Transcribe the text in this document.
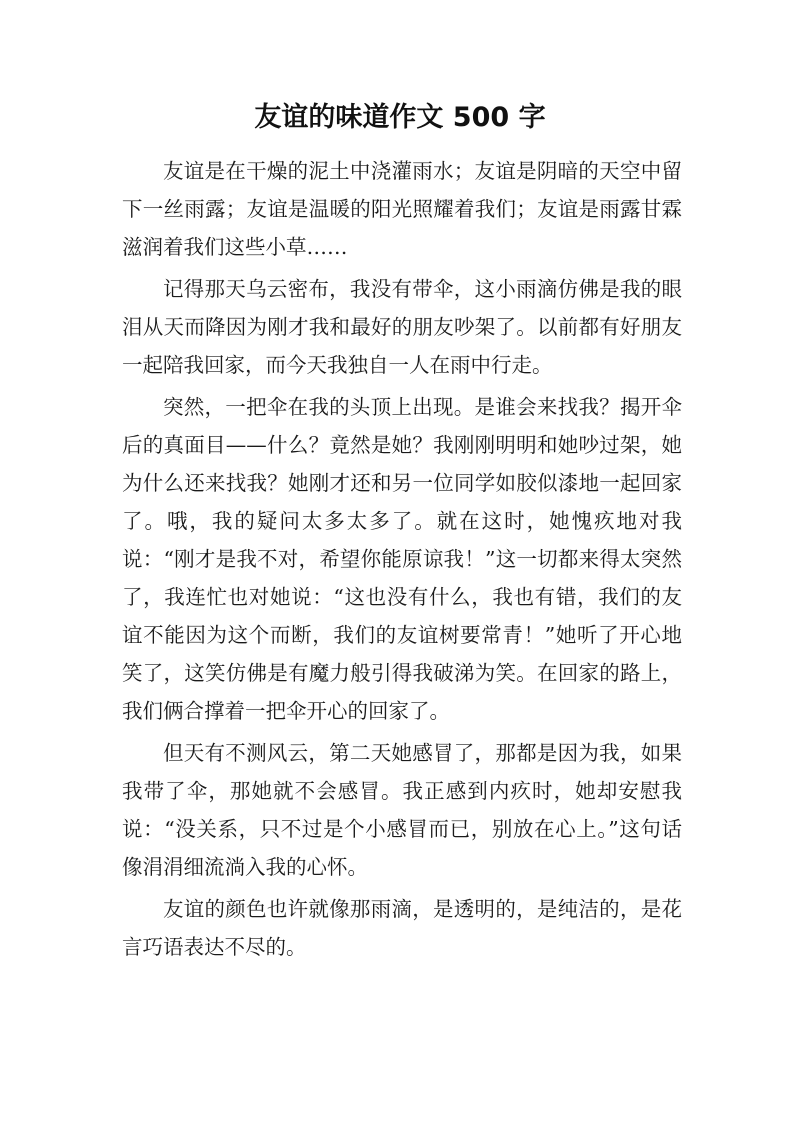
友谊的味道作文 500 字

友谊是在干燥的泥土中浇灌雨水；友谊是阴暗的天空中留下一丝雨露；友谊是温暖的阳光照耀着我们；友谊是雨露甘霖滋润着我们这些小草……

记得那天乌云密布，我没有带伞，这小雨滴仿佛是我的眼泪从天而降因为刚才我和最好的朋友吵架了。以前都有好朋友一起陪我回家，而今天我独自一人在雨中行走。

突然，一把伞在我的头顶上出现。是谁会来找我？揭开伞后的真面目——什么？竟然是她？我刚刚明明和她吵过架，她为什么还来找我？她刚才还和另一位同学如胶似漆地一起回家了。哦，我的疑问太多太多了。就在这时，她愧疚地对我说：“刚才是我不对，希望你能原谅我！”这一切都来得太突然了，我连忙也对她说：“这也没有什么，我也有错，我们的友谊不能因为这个而断，我们的友谊树要常青！”她听了开心地笑了，这笑仿佛是有魔力般引得我破涕为笑。在回家的路上，我们俩合撑着一把伞开心的回家了。

但天有不测风云，第二天她感冒了，那都是因为我，如果我带了伞，那她就不会感冒。我正感到内疚时，她却安慰我说：“没关系，只不过是个小感冒而已，别放在心上。”这句话像涓涓细流淌入我的心怀。

友谊的颜色也许就像那雨滴，是透明的，是纯洁的，是花言巧语表达不尽的。
